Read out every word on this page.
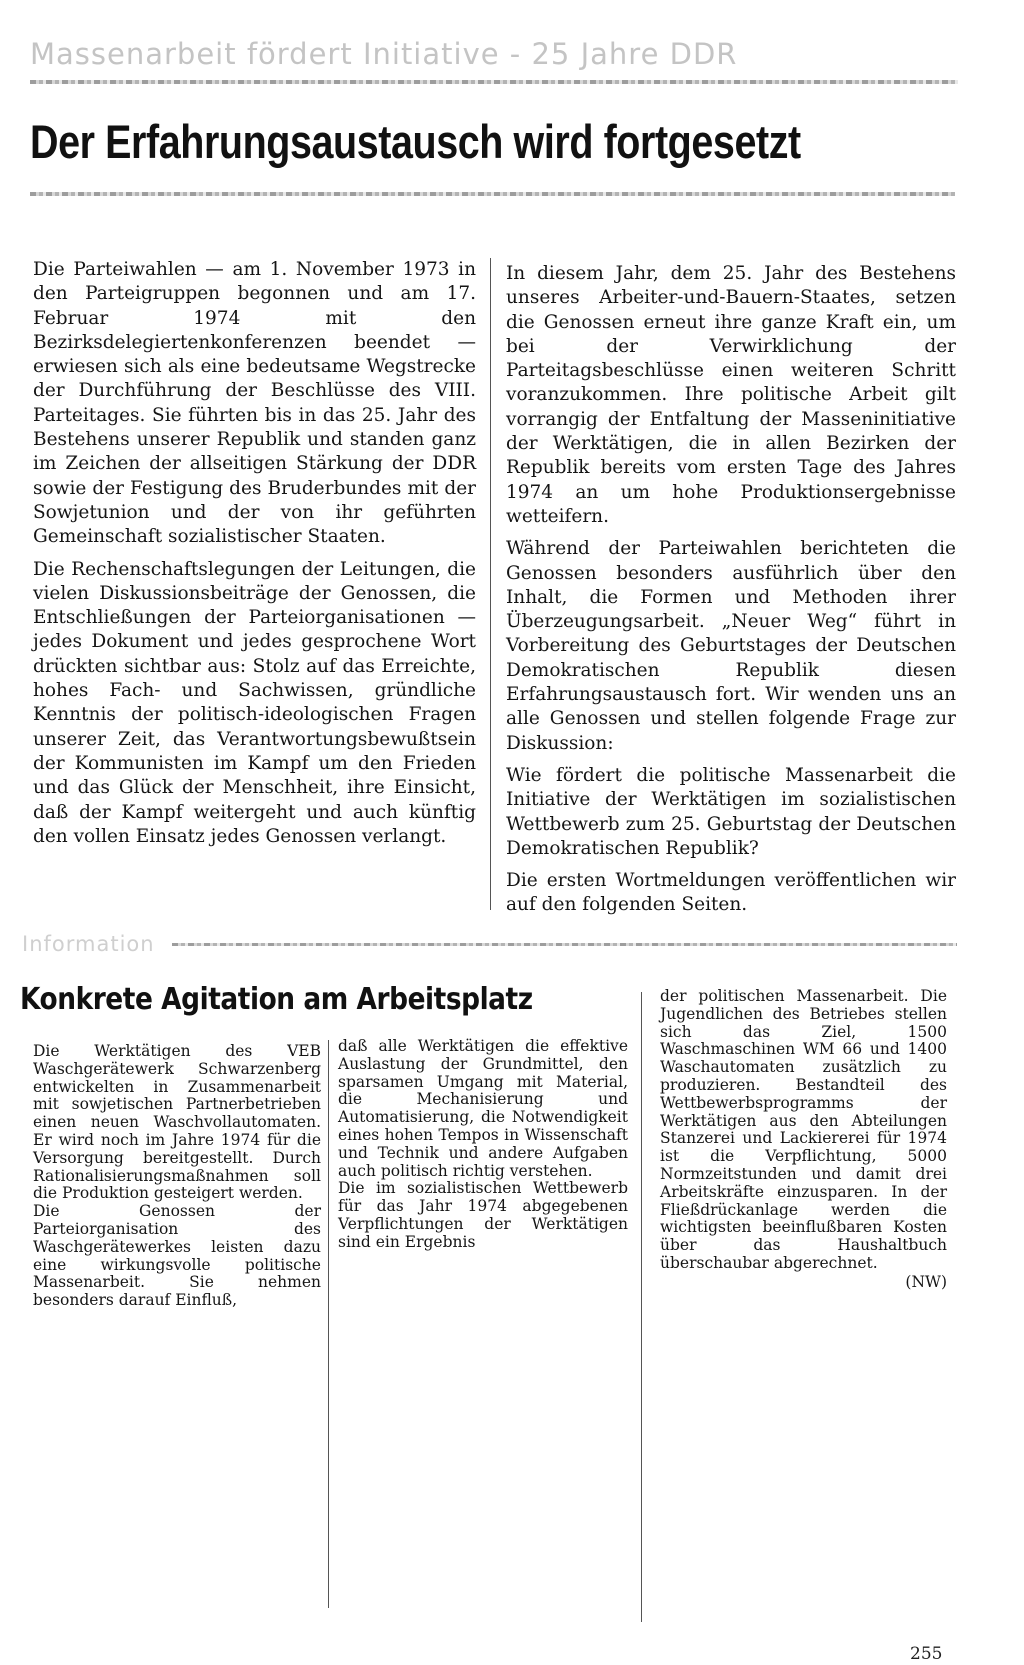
Massenarbeit fördert Initiative - 25 Jahre DDR
Der Erfahrungsaustausch wird fortgesetzt

Die Parteiwahlen — am 1. November 1973 in den Parteigruppen begonnen und am 17. Februar 1974 mit den Bezirksdelegiertenkonferenzen beendet — erwiesen sich als eine bedeutsame Wegstrecke der Durchführung der Beschlüsse des VIII. Parteitages. Sie führten bis in das 25. Jahr des Bestehens unserer Republik und standen ganz im Zeichen der allseitigen Stärkung der DDR sowie der Festigung des Bruderbundes mit der Sowjetunion und der von ihr geführten Gemeinschaft sozialistischer Staaten.

Die Rechenschaftslegungen der Leitungen, die vielen Diskussionsbeiträge der Genossen, die Entschließungen der Parteiorganisationen — jedes Dokument und jedes gesprochene Wort drückten sichtbar aus: Stolz auf das Erreichte, hohes Fach- und Sachwissen, gründliche Kenntnis der politisch-ideologischen Fragen unserer Zeit, das Verantwortungsbewußtsein der Kommunisten im Kampf um den Frieden und das Glück der Menschheit, ihre Einsicht, daß der Kampf weitergeht und auch künftig den vollen Einsatz jedes Genossen verlangt.

In diesem Jahr, dem 25. Jahr des Bestehens unseres Arbeiter-und-Bauern-Staates, setzen die Genossen erneut ihre ganze Kraft ein, um bei der Verwirklichung der Parteitagsbeschlüsse einen weiteren Schritt voranzukommen. Ihre politische Arbeit gilt vorrangig der Entfaltung der Masseninitiative der Werktätigen, die in allen Bezirken der Republik bereits vom ersten Tage des Jahres 1974 an um hohe Produktionsergebnisse wetteifern.

Während der Parteiwahlen berichteten die Genossen besonders ausführlich über den Inhalt, die Formen und Methoden ihrer Überzeugungsarbeit. „Neuer Weg“ führt in Vorbereitung des Geburtstages der Deutschen Demokratischen Republik diesen Erfahrungsaustausch fort. Wir wenden uns an alle Genossen und stellen folgende Frage zur Diskussion:

Wie fördert die politische Massenarbeit die Initiative der Werktätigen im sozialistischen Wettbewerb zum 25. Geburtstag der Deutschen Demokratischen Republik?

Die ersten Wortmeldungen veröffentlichen wir auf den folgenden Seiten.

Information
Konkrete Agitation am Arbeitsplatz

Die Werktätigen des VEB Waschgerätewerk Schwarzenberg entwickelten in Zusammenarbeit mit sowjetischen Partnerbetrieben einen neuen Waschvollautomaten. Er wird noch im Jahre 1974 für die Versorgung bereitgestellt. Durch Rationalisierungsmaßnahmen soll die Produktion gesteigert werden.

Die Genossen der Parteiorganisation des Waschgerätewerkes leisten dazu eine wirkungsvolle politische Massenarbeit. Sie nehmen besonders darauf Einfluß,

daß alle Werktätigen die effektive Auslastung der Grundmittel, den sparsamen Umgang mit Material, die Mechanisierung und Automatisierung, die Notwendigkeit eines hohen Tempos in Wissenschaft und Technik und andere Aufgaben auch politisch richtig verstehen.

Die im sozialistischen Wettbewerb für das Jahr 1974 abgegebenen Verpflichtungen der Werktätigen sind ein Ergebnis

der politischen Massenarbeit. Die Jugendlichen des Betriebes stellen sich das Ziel, 1500 Waschmaschinen WM 66 und 1400 Waschautomaten zusätzlich zu produzieren. Bestandteil des Wettbewerbsprogramms der Werktätigen aus den Abteilungen Stanzerei und Lackiererei für 1974 ist die Verpflichtung, 5000 Normzeitstunden und damit drei Arbeitskräfte einzusparen. In der Fließdrückanlage werden die wichtigsten beeinflußbaren Kosten über das Haushaltbuch überschaubar abgerechnet.

(NW)

255
